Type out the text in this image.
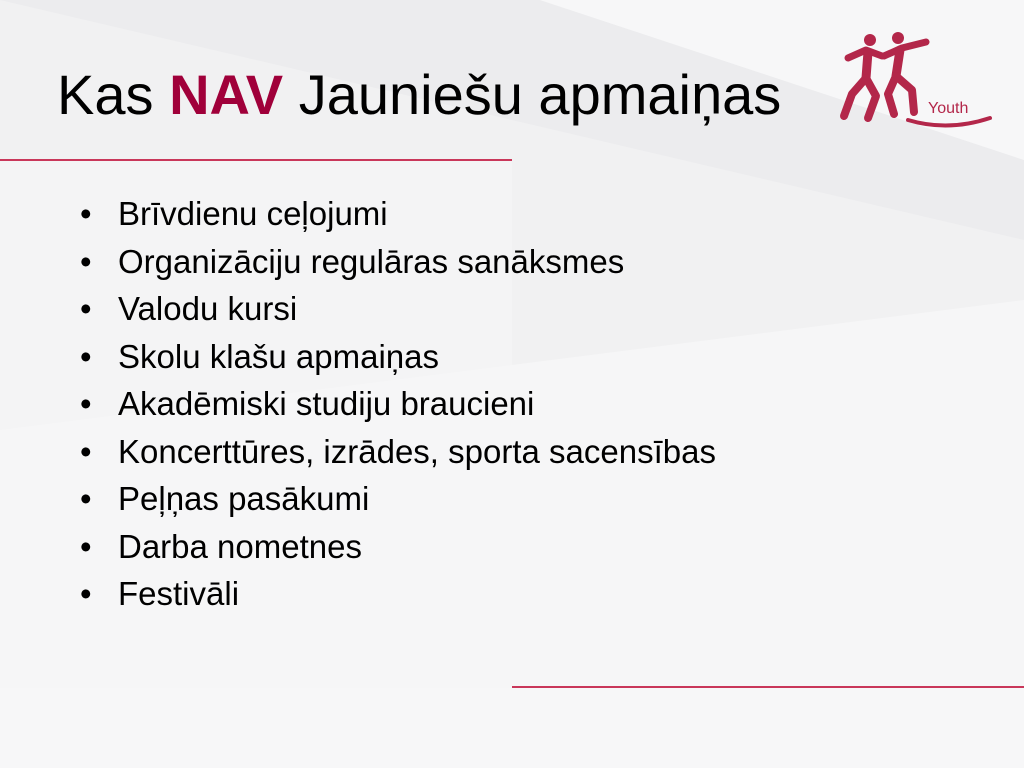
Kas NAV Jauniešu apmaiņas
• Brīvdienu ceļojumi
• Organizāciju regulāras sanāksmes
• Valodu kursi
• Skolu klašu apmaiņas
• Akadēmiski studiju braucieni
• Koncerttūres, izrādes, sporta sacensības
• Peļņas pasākumi
• Darba nometnes
• Festivāli
Youth
